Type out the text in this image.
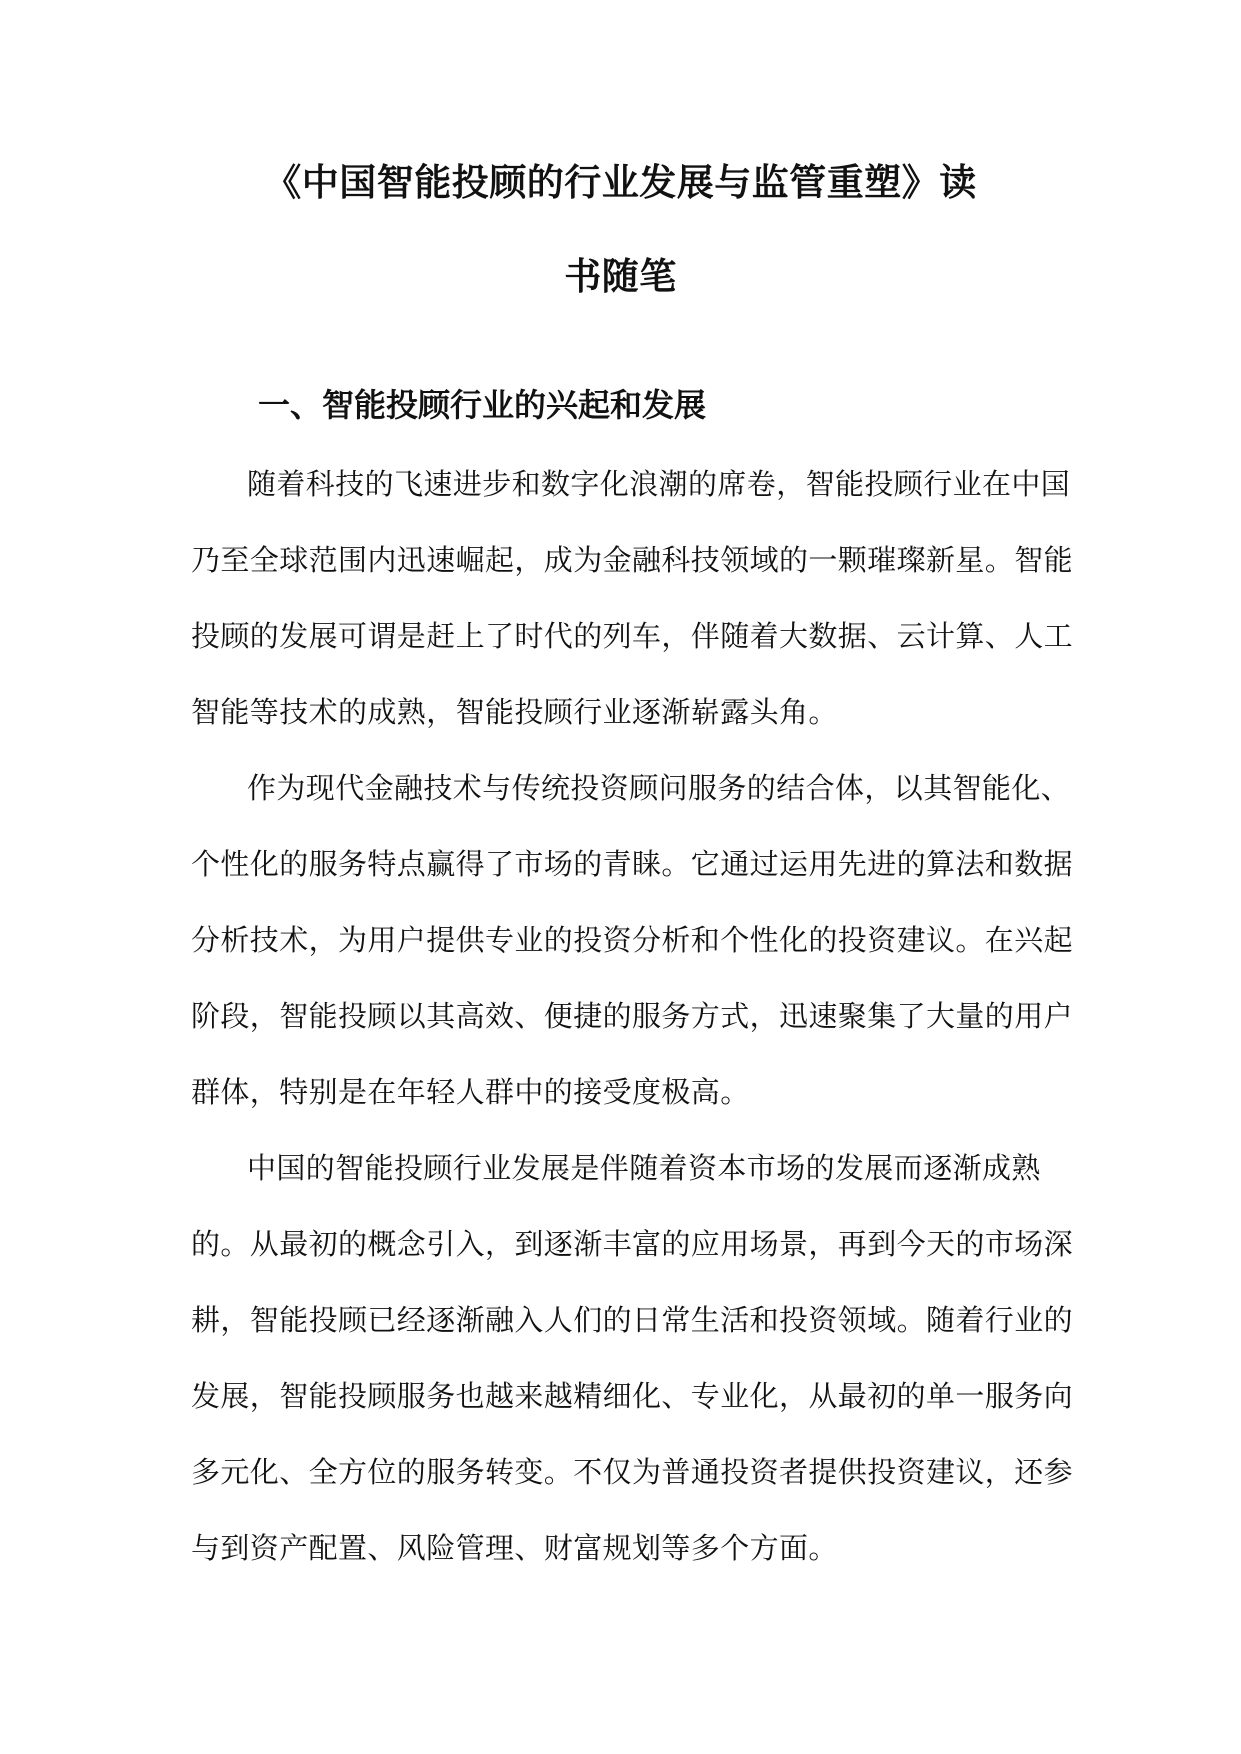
《中国智能投顾的行业发展与监管重塑》读
书随笔
一、智能投顾行业的兴起和发展
随着科技的飞速进步和数字化浪潮的席卷，智能投顾行业在中国
乃至全球范围内迅速崛起，成为金融科技领域的一颗璀璨新星。智能
投顾的发展可谓是赶上了时代的列车，伴随着大数据、云计算、人工
智能等技术的成熟，智能投顾行业逐渐崭露头角。
作为现代金融技术与传统投资顾问服务的结合体，以其智能化、
个性化的服务特点赢得了市场的青睐。它通过运用先进的算法和数据
分析技术，为用户提供专业的投资分析和个性化的投资建议。在兴起
阶段，智能投顾以其高效、便捷的服务方式，迅速聚集了大量的用户
群体，特别是在年轻人群中的接受度极高。
中国的智能投顾行业发展是伴随着资本市场的发展而逐渐成熟
的。从最初的概念引入，到逐渐丰富的应用场景，再到今天的市场深
耕，智能投顾已经逐渐融入人们的日常生活和投资领域。随着行业的
发展，智能投顾服务也越来越精细化、专业化，从最初的单一服务向
多元化、全方位的服务转变。不仅为普通投资者提供投资建议，还参
与到资产配置、风险管理、财富规划等多个方面。
